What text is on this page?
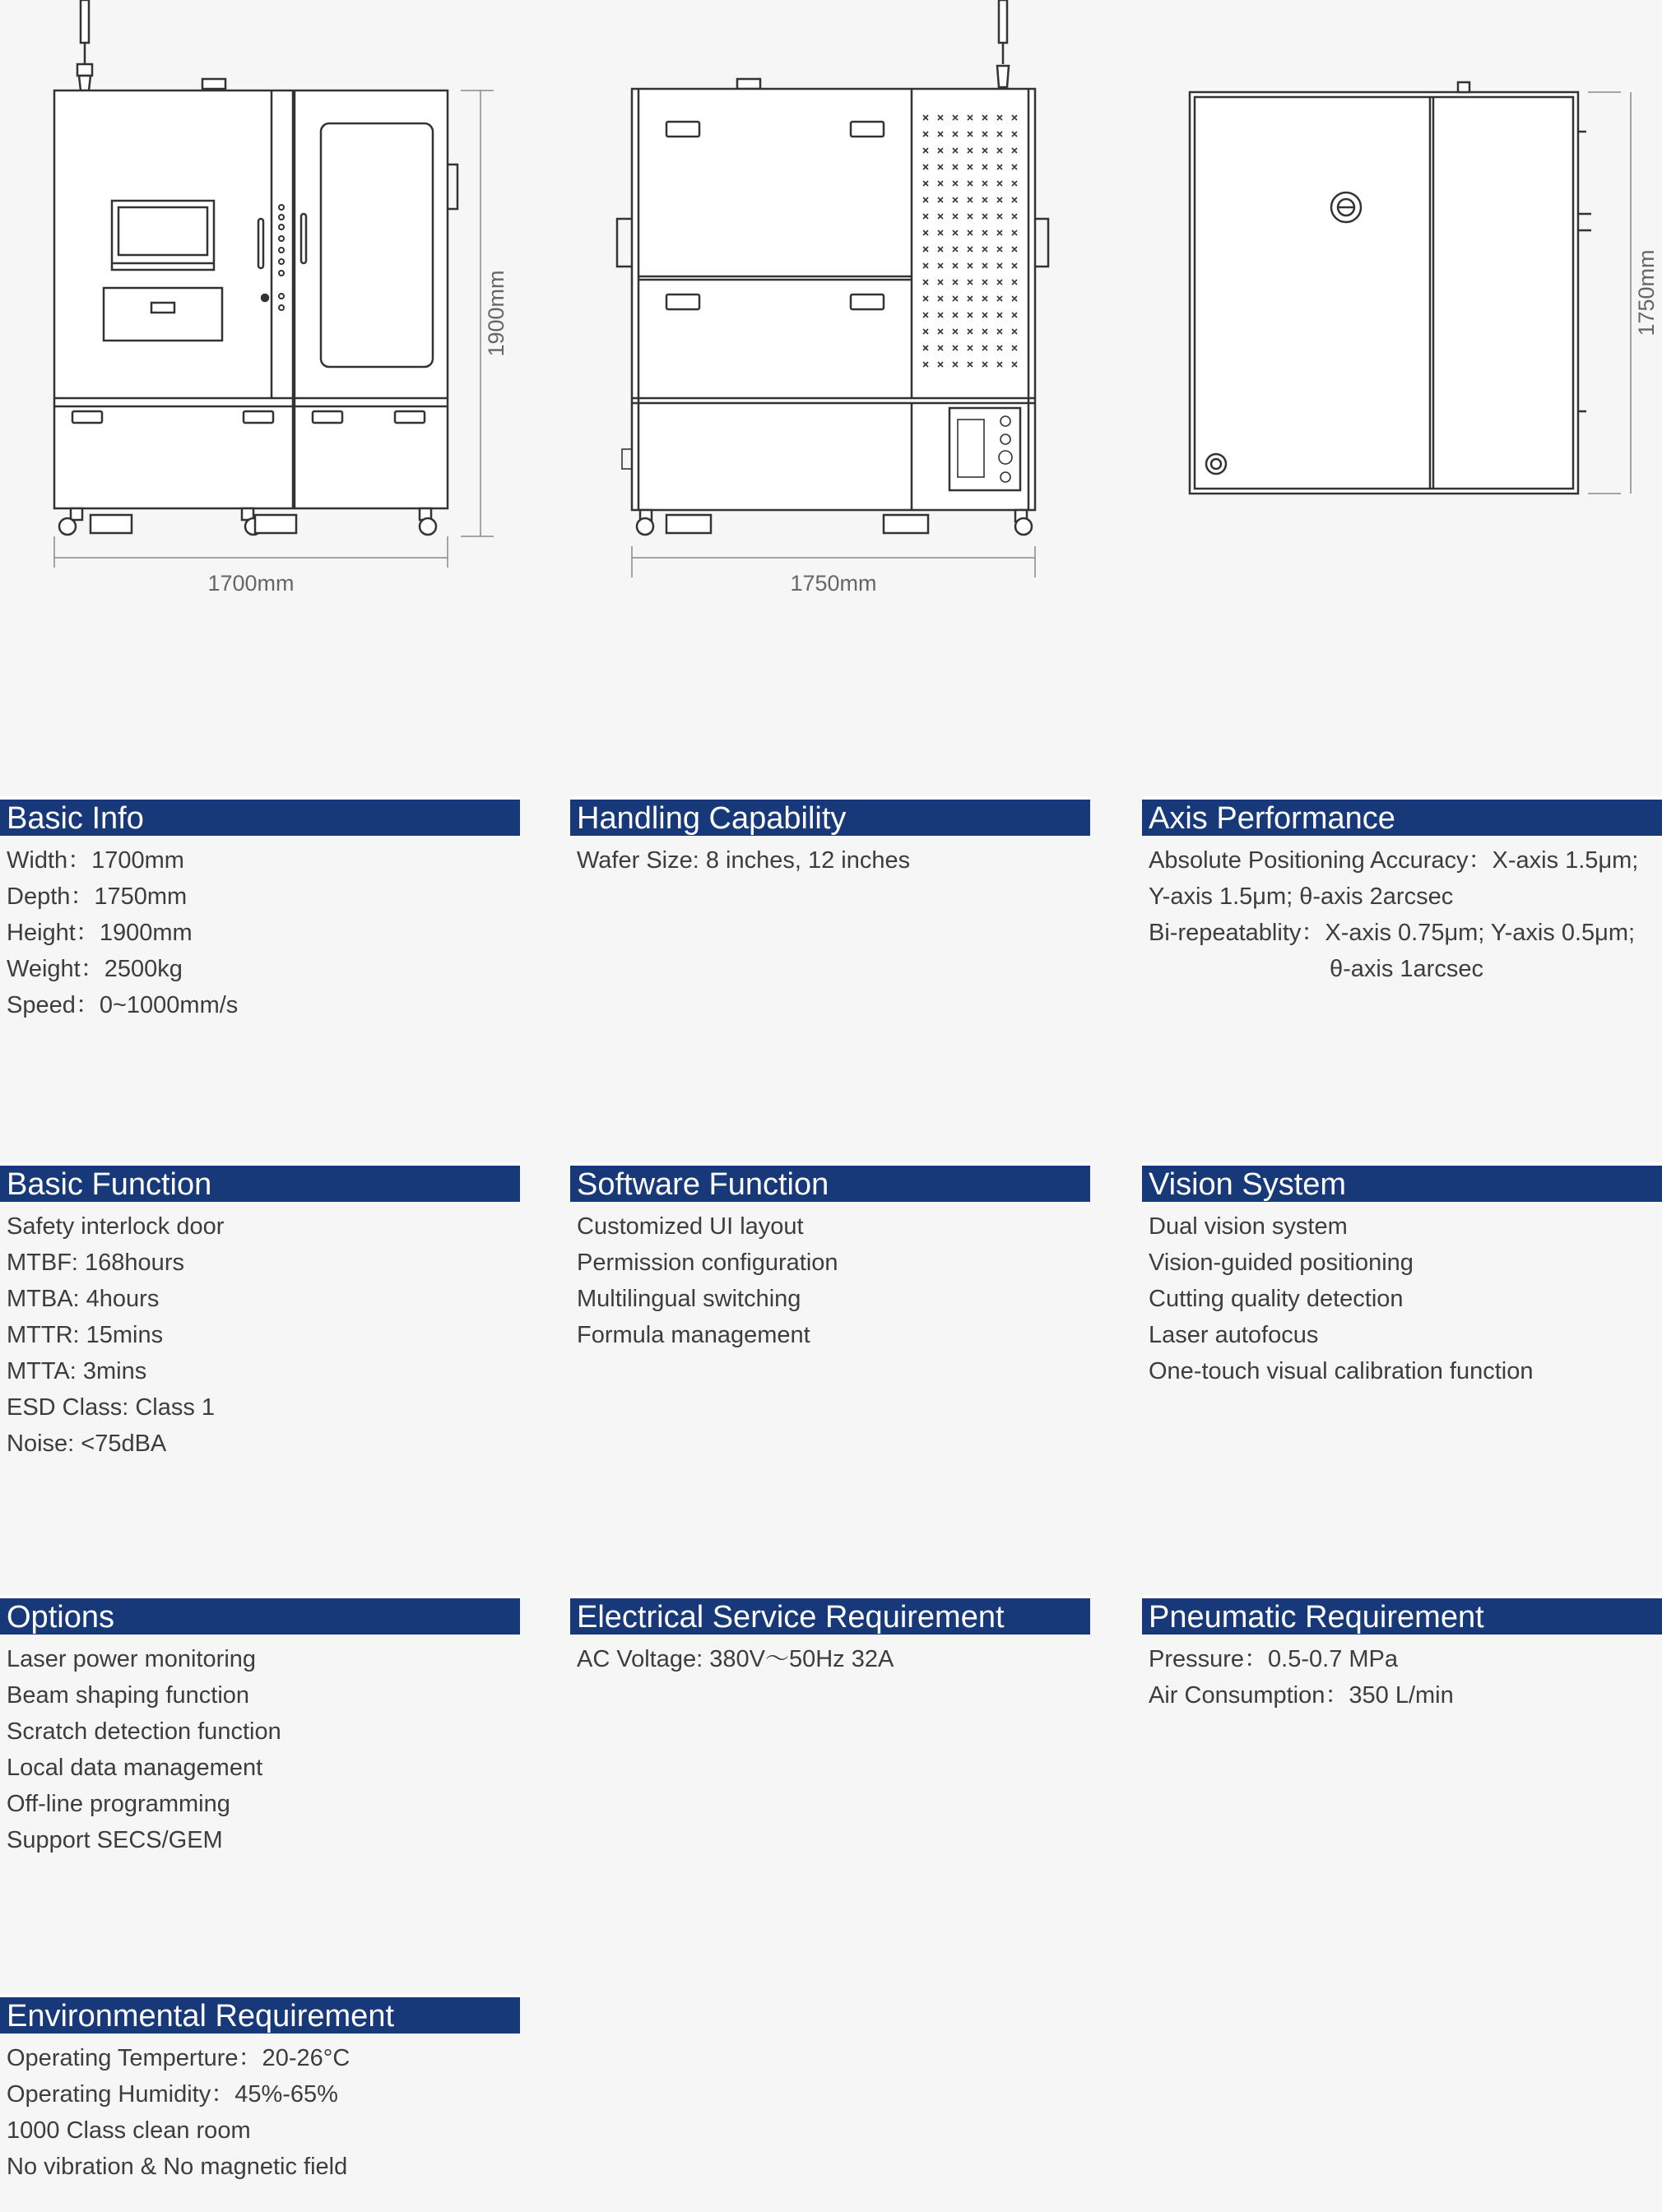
1700mm	1750mm
1900mm	1750mm
Basic Info
Width：1700mm
Depth：1750mm
Height：1900mm
Weight：2500kg
Speed：0~1000mm/s
Handling Capability
Wafer Size: 8 inches, 12 inches
Axis Performance
Absolute Positioning Accuracy：X-axis 1.5μm;
Y-axis 1.5μm; θ-axis 2arcsec
Bi-repeatablity：X-axis 0.75μm; Y-axis 0.5μm;
θ-axis 1arcsec
Basic Function
Safety interlock door
MTBF: 168hours
MTBA: 4hours
MTTR: 15mins
MTTA: 3mins
ESD Class: Class 1
Noise: <75dBA
Software Function
Customized UI layout
Permission configuration
Multilingual switching
Formula management
Vision System
Dual vision system
Vision-guided positioning
Cutting quality detection
Laser autofocus
One-touch visual calibration function
Options
Laser power monitoring
Beam shaping function
Scratch detection function
Local data management
Off-line programming
Support SECS/GEM
Electrical Service Requirement
AC Voltage: 380V～50Hz 32A
Pneumatic Requirement
Pressure：0.5-0.7 MPa
Air Consumption：350 L/min
Environmental Requirement
Operating Temperture：20-26°C
Operating Humidity：45%-65%
1000 Class clean room
No vibration & No magnetic field
